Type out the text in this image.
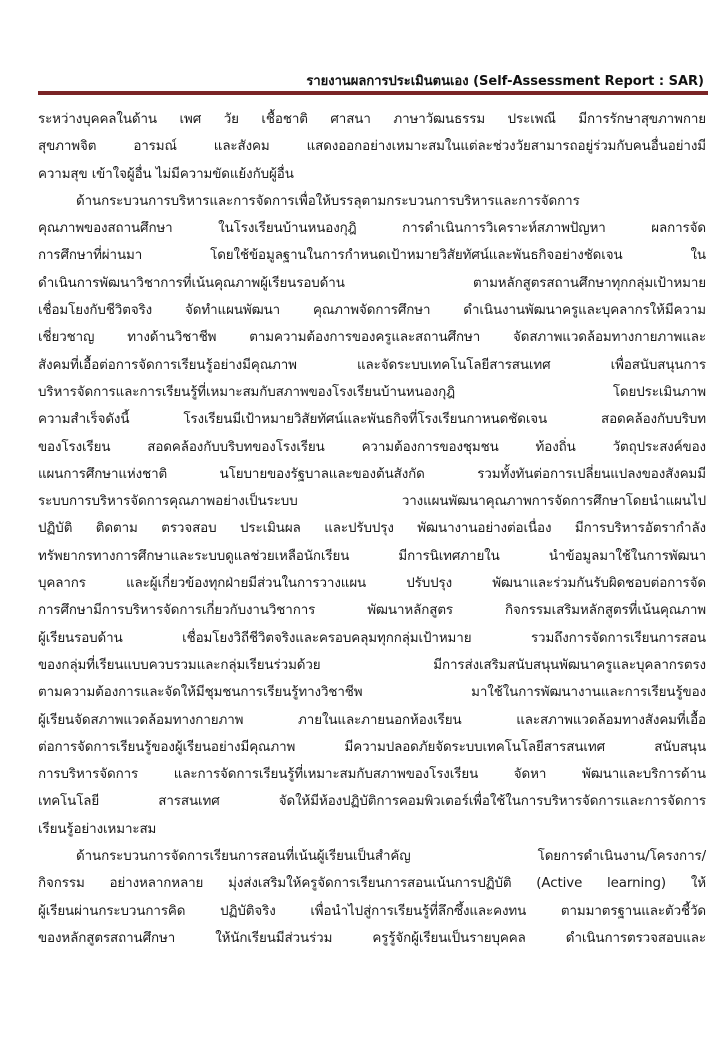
รายงานผลการประเมินตนเอง (Self-Assessment Report : SAR)
ระหว่างบุคคลในด้าน เพศ วัย เชื้อชาติ ศาสนา ภาษาวัฒนธรรม ประเพณี มีการรักษาสุขภาพกาย
สุขภาพจิต อารมณ์ และสังคม แสดงออกอย่างเหมาะสมในแต่ละช่วงวัยสามารถอยู่ร่วมกับคนอื่นอย่างมี
ความสุข เข้าใจผู้อื่น ไม่มีความขัดแย้งกับผู้อื่น
ด้านกระบวนการบริหารและการจัดการเพื่อให้บรรลุตามกระบวนการบริหารและการจัดการ
คุณภาพของสถานศึกษา ในโรงเรียนบ้านหนองกุฎิ การดำเนินการวิเคราะห์สภาพปัญหา ผลการจัด
การศึกษาที่ผ่านมา โดยใช้ข้อมูลฐานในการกำหนดเป้าหมายวิสัยทัศน์และพันธกิจอย่างชัดเจน ใน
ดำเนินการพัฒนาวิชาการที่เน้นคุณภาพผู้เรียนรอบด้าน ตามหลักสูตรสถานศึกษาทุกกลุ่มเป้าหมาย
เชื่อมโยงกับชีวิตจริง จัดทำแผนพัฒนา คุณภาพจัดการศึกษา ดำเนินงานพัฒนาครูและบุคลากรให้มีความ
เชี่ยวชาญ ทางด้านวิชาชีพ ตามความต้องการของครูและสถานศึกษา จัดสภาพแวดล้อมทางกายภาพและ
สังคมที่เอื้อต่อการจัดการเรียนรู้อย่างมีคุณภาพ และจัดระบบเทคโนโลยีสารสนเทศ เพื่อสนับสนุนการ
บริหารจัดการและการเรียนรู้ที่เหมาะสมกับสภาพของโรงเรียนบ้านหนองกุฎิ โดยประเมินภาพ
ความสำเร็จดังนี้ โรงเรียนมีเป้าหมายวิสัยทัศน์และพันธกิจที่โรงเรียนกาหนดชัดเจน สอดคล้องกับบริบท
ของโรงเรียน สอดคล้องกับบริบทของโรงเรียน ความต้องการของชุมชน ท้องถิ่น วัตถุประสงค์ของ
แผนการศึกษาแห่งชาติ นโยบายของรัฐบาลและของต้นสังกัด รวมทั้งทันต่อการเปลี่ยนแปลงของสังคมมี
ระบบการบริหารจัดการคุณภาพอย่างเป็นระบบ วางแผนพัฒนาคุณภาพการจัดการศึกษาโดยนำแผนไป
ปฏิบัติ ติดตาม ตรวจสอบ ประเมินผล และปรับปรุง พัฒนางานอย่างต่อเนื่อง มีการบริหารอัตรากำลัง
ทรัพยากรทางการศึกษาและระบบดูแลช่วยเหลือนักเรียน มีการนิเทศภายใน นำข้อมูลมาใช้ในการพัฒนา
บุคลากร และผู้เกี่ยวข้องทุกฝ่ายมีส่วนในการวางแผน ปรับปรุง พัฒนาและร่วมกันรับผิดชอบต่อการจัด
การศึกษามีการบริหารจัดการเกี่ยวกับงานวิชาการ พัฒนาหลักสูตร กิจกรรมเสริมหลักสูตรที่เน้นคุณภาพ
ผู้เรียนรอบด้าน เชื่อมโยงวิถีชีวิตจริงและครอบคลุมทุกกลุ่มเป้าหมาย รวมถึงการจัดการเรียนการสอน
ของกลุ่มที่เรียนแบบควบรวมและกลุ่มเรียนร่วมด้วย มีการส่งเสริมสนับสนุนพัฒนาครูและบุคลากรตรง
ตามความต้องการและจัดให้มีชุมชนการเรียนรู้ทางวิชาชีพ มาใช้ในการพัฒนางานและการเรียนรู้ของ
ผู้เรียนจัดสภาพแวดล้อมทางกายภาพ ภายในและภายนอกห้องเรียน และสภาพแวดล้อมทางสังคมที่เอื้อ
ต่อการจัดการเรียนรู้ของผู้เรียนอย่างมีคุณภาพ มีความปลอดภัยจัดระบบเทคโนโลยีสารสนเทศ สนับสนุน
การบริหารจัดการ และการจัดการเรียนรู้ที่เหมาะสมกับสภาพของโรงเรียน จัดหา พัฒนาและบริการด้าน
เทคโนโลยี สารสนเทศ จัดให้มีห้องปฏิบัติการคอมพิวเตอร์เพื่อใช้ในการบริหารจัดการและการจัดการ
เรียนรู้อย่างเหมาะสม
ด้านกระบวนการจัดการเรียนการสอนที่เน้นผู้เรียนเป็นสำคัญ โดยการดำเนินงาน/โครงการ/
กิจกรรม อย่างหลากหลาย มุ่งส่งเสริมให้ครูจัดการเรียนการสอนเน้นการปฏิบัติ (Active learning) ให้
ผู้เรียนผ่านกระบวนการคิด ปฏิบัติจริง เพื่อนำไปสู่การเรียนรู้ที่ลึกซึ้งและคงทน ตามมาตรฐานและตัวชี้วัด
ของหลักสูตรสถานศึกษา ให้นักเรียนมีส่วนร่วม ครูรู้จักผู้เรียนเป็นรายบุคคล ดำเนินการตรวจสอบและ
